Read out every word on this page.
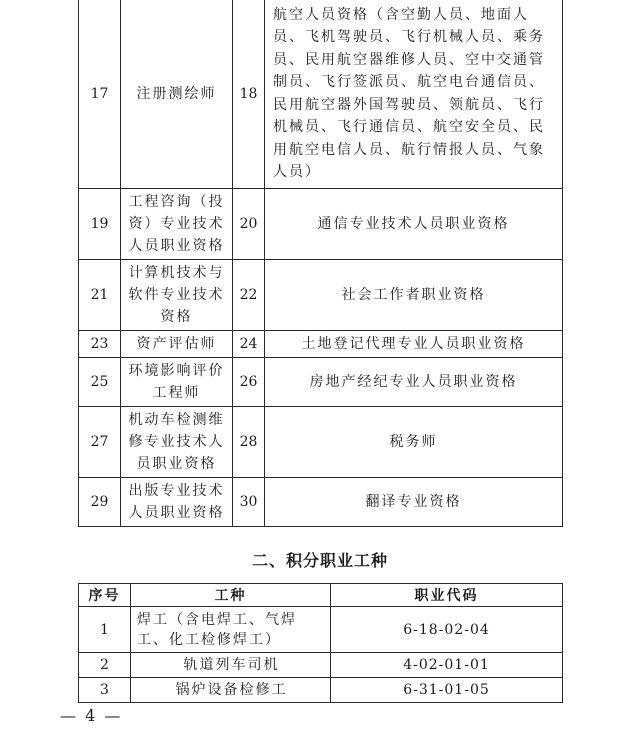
17	注册测绘师	18	航空人员资格（含空勤人员、地面人员、飞机驾驶员、飞行机械人员、乘务员、民用航空器维修人员、空中交通管制员、飞行签派员、航空电台通信员、民用航空器外国驾驶员、领航员、飞行机械员、飞行通信员、航空安全员、民用航空电信人员、航行情报人员、气象人员）
19	工程咨询（投资）专业技术人员职业资格	20	通信专业技术人员职业资格
21	计算机技术与软件专业技术资格	22	社会工作者职业资格
23	资产评估师	24	土地登记代理专业人员职业资格
25	环境影响评价工程师	26	房地产经纪专业人员职业资格
27	机动车检测维修专业技术人员职业资格	28	税务师
29	出版专业技术人员职业资格	30	翻译专业资格
二、积分职业工种
序号	工种	职业代码
1	焊工（含电焊工、气焊工、化工检修焊工）	6-18-02-04
2	轨道列车司机	4-02-01-01
3	锅炉设备检修工	6-31-01-05
— 4 —
